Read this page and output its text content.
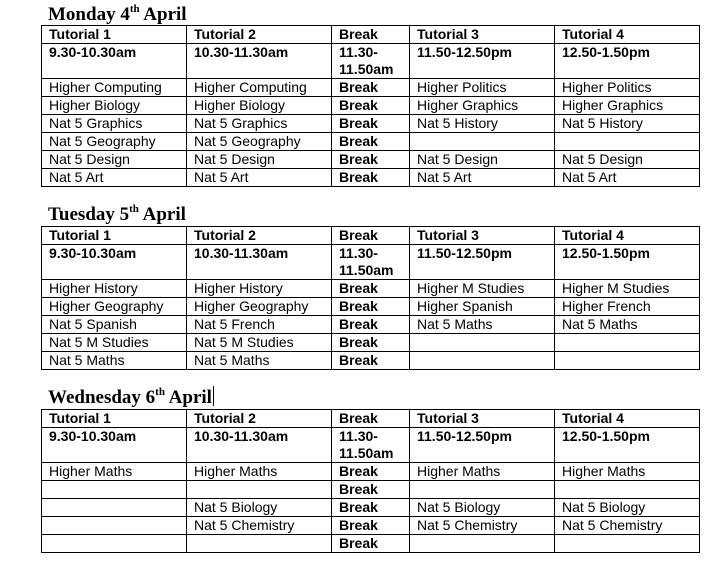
Monday 4th April
Tutorial 1	Tutorial 2	Break	Tutorial 3	Tutorial 4
9.30-10.30am	10.30-11.30am	11.30-11.50am	11.50-12.50pm	12.50-1.50pm
Higher Computing	Higher Computing	Break	Higher Politics	Higher Politics
Higher Biology	Higher Biology	Break	Higher Graphics	Higher Graphics
Nat 5 Graphics	Nat 5 Graphics	Break	Nat 5 History	Nat 5 History
Nat 5 Geography	Nat 5 Geography	Break		
Nat 5 Design	Nat 5 Design	Break	Nat 5 Design	Nat 5 Design
Nat 5 Art	Nat 5 Art	Break	Nat 5 Art	Nat 5 Art
Tuesday 5th April
Tutorial 1	Tutorial 2	Break	Tutorial 3	Tutorial 4
9.30-10.30am	10.30-11.30am	11.30-11.50am	11.50-12.50pm	12.50-1.50pm
Higher History	Higher History	Break	Higher M Studies	Higher M Studies
Higher Geography	Higher Geography	Break	Higher Spanish	Higher French
Nat 5 Spanish	Nat 5 French	Break	Nat 5 Maths	Nat 5 Maths
Nat 5 M Studies	Nat 5 M Studies	Break		
Nat 5 Maths	Nat 5 Maths	Break		
Wednesday 6th April
Tutorial 1	Tutorial 2	Break	Tutorial 3	Tutorial 4
9.30-10.30am	10.30-11.30am	11.30-11.50am	11.50-12.50pm	12.50-1.50pm
Higher Maths	Higher Maths	Break	Higher Maths	Higher Maths
		Break		
	Nat 5 Biology	Break	Nat 5 Biology	Nat 5 Biology
	Nat 5 Chemistry	Break	Nat 5 Chemistry	Nat 5 Chemistry
		Break		
